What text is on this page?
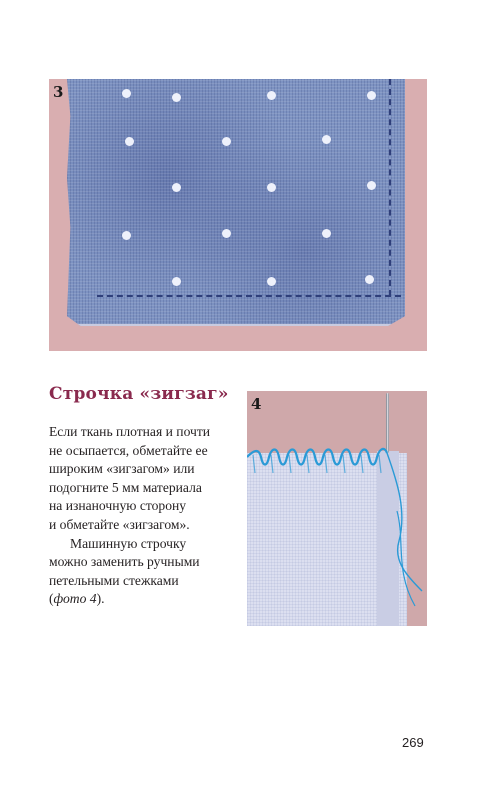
3
Строчка «зигзаг»
Если ткань плотная и почти
не осыпается, обметайте ее
широким «зигзагом» или
подогните 5 мм материала
на изнаночную сторону
и обметайте «зигзагом».
Машинную строчку
можно заменить ручными
петельными стежками
(фото 4).
4
269
